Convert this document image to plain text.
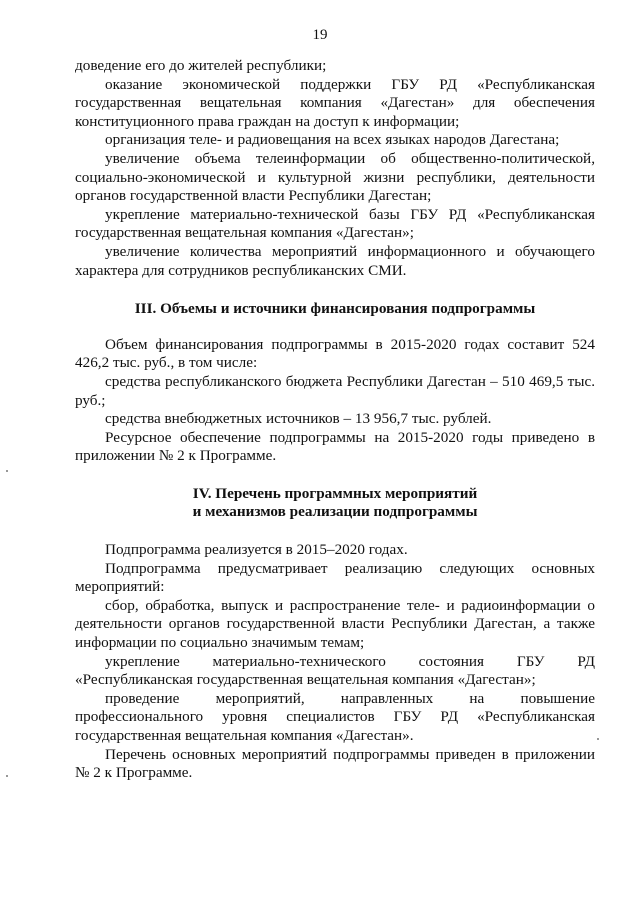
19

доведение его до жителей республики;

оказание экономической поддержки ГБУ РД «Республиканская государственная вещательная компания «Дагестан» для обеспечения конституционного права граждан на доступ к информации;

организация теле- и радиовещания на всех языках народов Дагестана;

увеличение объема телеинформации об общественно-политической, социально-экономической и культурной жизни республики, деятельности органов государственной власти Республики Дагестан;

укрепление материально-технической базы ГБУ РД «Республиканская государственная вещательная компания «Дагестан»;

увеличение количества мероприятий информационного и обучающего характера для сотрудников республиканских СМИ.

III. Объемы и источники финансирования подпрограммы

Объем финансирования подпрограммы в 2015-2020 годах составит 524 426,2 тыс. руб., в том числе:

средства республиканского бюджета Республики Дагестан – 510 469,5 тыс. руб.;

средства внебюджетных источников – 13 956,7 тыс. рублей.

Ресурсное обеспечение подпрограммы на 2015-2020 годы приведено в приложении № 2 к Программе.

IV. Перечень программных мероприятий
и механизмов реализации подпрограммы

Подпрограмма реализуется в 2015–2020 годах.

Подпрограмма предусматривает реализацию следующих основных мероприятий:

сбор, обработка, выпуск и распространение теле- и радиоинформации о деятельности органов государственной власти Республики Дагестан, а также информации по социально значимым темам;

укрепление материально-технического состояния ГБУ РД «Республиканская государственная вещательная компания «Дагестан»;

проведение мероприятий, направленных на повышение профессионального уровня специалистов ГБУ РД «Республиканская государственная вещательная компания «Дагестан».

Перечень основных мероприятий подпрограммы приведен в приложении № 2 к Программе.
